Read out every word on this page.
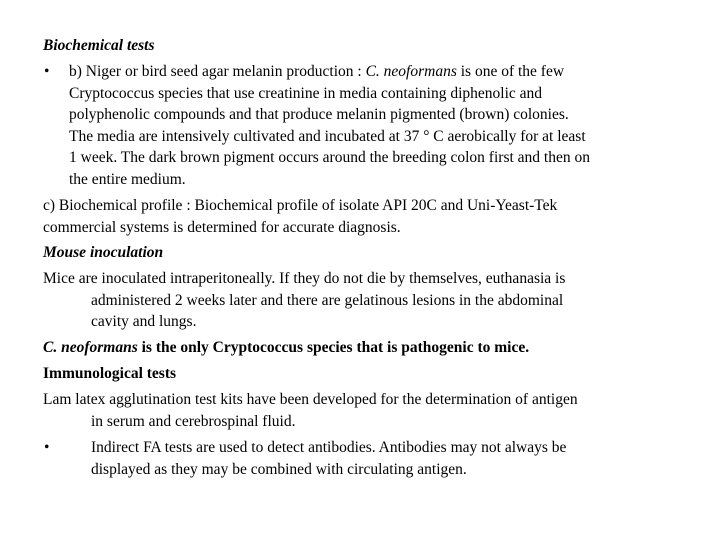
Biochemical tests
• b) Niger or bird seed agar melanin production : C. neoformans is one of the few
Cryptococcus species that use creatinine in media containing diphenolic and
polyphenolic compounds and that produce melanin pigmented (brown) colonies.
The media are intensively cultivated and incubated at 37 ° C aerobically for at least
1 week. The dark brown pigment occurs around the breeding colon first and then on
the entire medium.
c) Biochemical profile : Biochemical profile of isolate API 20C and Uni-Yeast-Tek
commercial systems is determined for accurate diagnosis.
Mouse inoculation
Mice are inoculated intraperitoneally. If they do not die by themselves, euthanasia is
administered 2 weeks later and there are gelatinous lesions in the abdominal
cavity and lungs.
C. neoformans is the only Cryptococcus species that is pathogenic to mice.
Immunological tests
Lam latex agglutination test kits have been developed for the determination of antigen
in serum and cerebrospinal fluid.
•	Indirect FA tests are used to detect antibodies. Antibodies may not always be
displayed as they may be combined with circulating antigen.
